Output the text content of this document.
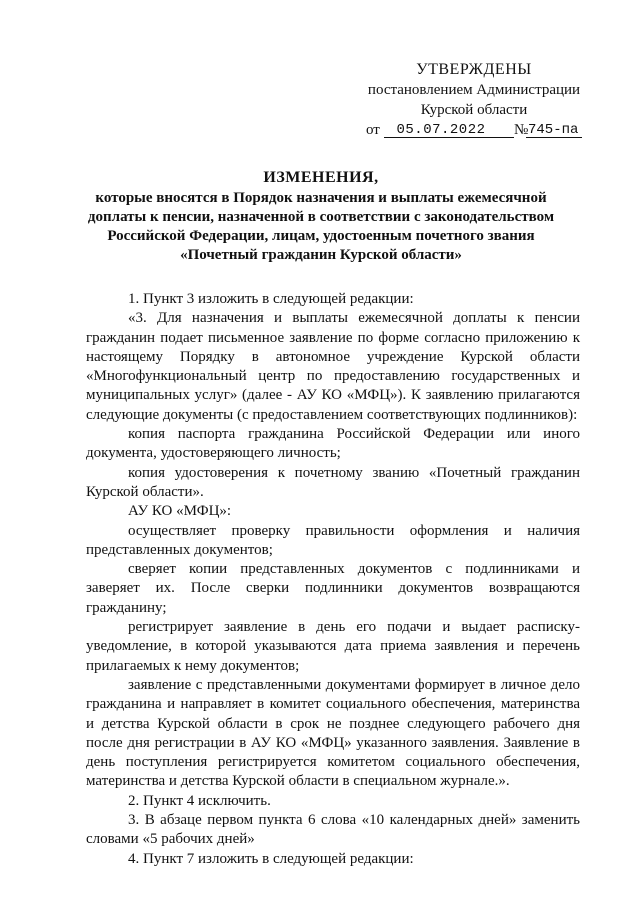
УТВЕРЖДЕНЫ
постановлением Администрации
Курской области
от	05.07.2022	№ 745-па
ИЗМЕНЕНИЯ,
которые вносятся в Порядок назначения и выплаты ежемесячной доплаты к пенсии, назначенной в соответствии с законодательством Российской Федерации, лицам, удостоенным почетного звания «Почетный гражданин Курской области»

1. Пункт 3 изложить в следующей редакции:

«3. Для назначения и выплаты ежемесячной доплаты к пенсии гражданин подает письменное заявление по форме согласно приложению к настоящему Порядку в автономное учреждение Курской области «Многофункциональный центр по предоставлению государственных и муниципальных услуг» (далее - АУ КО «МФЦ»). К заявлению прилагаются следующие документы (с предоставлением соответствующих подлинников):

копия паспорта гражданина Российской Федерации или иного документа, удостоверяющего личность;

копия удостоверения к почетному званию «Почетный гражданин Курской области».

АУ КО «МФЦ»:

осуществляет проверку правильности оформления и наличия представленных документов;

сверяет копии представленных документов с подлинниками и заверяет их. После сверки подлинники документов возвращаются гражданину;

регистрирует заявление в день его подачи и выдает расписку-уведомление, в которой указываются дата приема заявления и перечень прилагаемых к нему документов;

заявление с представленными документами формирует в личное дело гражданина и направляет в комитет социального обеспечения, материнства и детства Курской области в срок не позднее следующего рабочего дня после дня регистрации в АУ КО «МФЦ» указанного заявления. Заявление в день поступления регистрируется комитетом социального обеспечения, материнства и детства Курской области в специальном журнале.».

2. Пункт 4 исключить.

3. В абзаце первом пункта 6 слова «10 календарных дней» заменить словами «5 рабочих дней»

4. Пункт 7 изложить в следующей редакции:
